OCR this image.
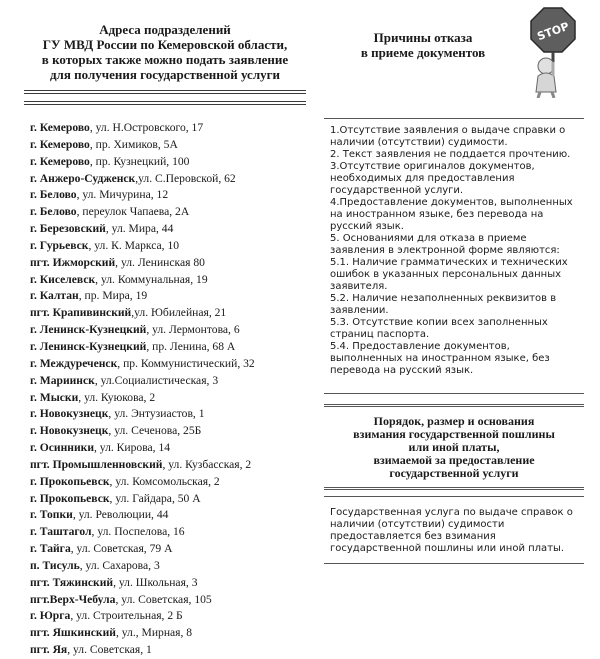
Адреса подразделений
ГУ МВД России по Кемеровской области,
в которых также можно подать заявление
для получения государственной услуги
г. Кемерово, ул. Н.Островского, 17
г. Кемерово, пр. Химиков, 5А
г. Кемерово, пр. Кузнецкий, 100
г. Анжеро-Судженск,ул. С.Перовской, 62
г. Белово, ул. Мичурина, 12
г. Белово, переулок Чапаева, 2А
г. Березовский, ул. Мира, 44
г. Гурьевск, ул. К. Маркса, 10
пгт. Ижморский, ул. Ленинская 80
г. Киселевск, ул. Коммунальная, 19
г. Калтан, пр. Мира, 19
пгт. Крапивинский,ул. Юбилейная, 21
г. Ленинск-Кузнецкий, ул. Лермонтова, 6
г. Ленинск-Кузнецкий, пр. Ленина, 68 А
г. Междуреченск, пр. Коммунистический, 32
г. Мариинск, ул.Социалистическая, 3
г. Мыски, ул. Куюкова, 2
г. Новокузнецк, ул. Энтузиастов, 1
г. Новокузнецк, ул. Сеченова, 25Б
г. Осинники, ул. Кирова, 14
пгт. Промышленновский, ул. Кузбасская, 2
г. Прокопьевск, ул. Комсомольская, 2
г. Прокопьевск, ул. Гайдара, 50 А
г. Топки, ул. Революции, 44
г. Таштагол, ул. Поспелова, 16
г. Тайга, ул. Советская, 79 А
п. Тисуль, ул. Сахарова, 3
пгт. Тяжинский, ул. Школьная, 3
пгт.Верх-Чебула, ул. Советская, 105
г. Юрга, ул. Строительная, 2 Б
пгт. Яшкинский, ул., Мирная, 8
пгт. Яя, ул. Советская, 1
Причины отказа
в приеме документов
STOP

1.Отсутствие заявления о выдаче справки о наличии (отсутствии) судимости.

2. Текст заявления не поддается прочтению.

3.Отсутствие оригиналов документов, необходимых для предоставления государственной услуги.

4.Предоставление документов, выполненных на иностранном языке, без перевода на русский язык.

5. Основаниями для отказа в приеме заявления в электронной форме являются:

5.1. Наличие грамматических и технических ошибок в указанных персональных данных заявителя.

5.2. Наличие незаполненных реквизитов в заявлении.

5.3. Отсутствие копии всех заполненных страниц паспорта.

5.4. Предоставление документов, выполненных на иностранном языке, без перевода на русский язык.

Порядок, размер и основания
взимания государственной пошлины
или иной платы,
взимаемой за предоставление
государственной услуги

Государственная услуга по выдаче справок о наличии (отсутствии) судимости предоставляется без взимания государственной пошлины или иной платы.
